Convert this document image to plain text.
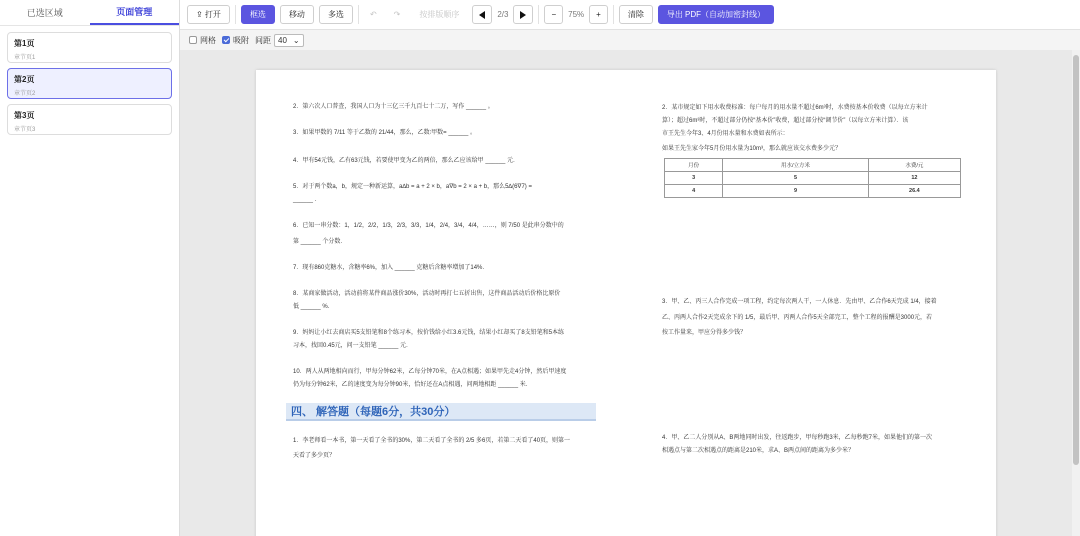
已选区域	页面管理
第1页
章节页1
第2页
章节页2
第3页
章节页3
⇪ 打开	框选	移动	多选	↶	↷	按排版顺序	2/3	−	75%	+	清除	导出 PDF（自动加密封线）
网格 吸附 间距 40 ⌄
2．第六次人口普查，我国人口为十三亿三千九百七十二万，写作 ______ 。
3．如果甲数的 7/11 等于乙数的 21/44，那么，乙数∶甲数= ______ 。
4．甲有54元钱，乙有63元钱，若要使甲变为乙的两倍，那么乙应该给甲 ______ 元．
5．对于两个数a，b，规定一种新运算，a∆b = a + 2 × b，a∇b = 2 × a + b，那么5∆(6∇7) =
______ ．
6．已知一串分数：1，1/2，2/2，1/3，2/3，3/3，1/4，2/4，3/4，4/4，……，则 7/50 是此串分数中的
第 ______ 个分数．
7．现有860克糖水，含糖率6%，加入 ______ 克糖后含糖率增加了14%．
8．某商家做活动，活动前将某件商品涨价30%，活动时再打七五折出售，这件商品活动后价格比原价
低 ______ %．
9．妈妈让小红去商店买5支铅笔和8个练习本，按价钱给小红3.6元钱，结果小红却买了8支铅笔和5本练
习本，找回0.45元，问一支铅笔 ______ 元．
10．两人从两地相向而行，甲每分钟62米，乙每分钟70米，在A点相遇；如果甲先走4分钟，然后甲速度
仍为每分钟62米，乙的速度变为每分钟90米，恰好还在A点相遇，问两地相距 ______ 米．
四、 解答题（每题6分，共30分）
1．李老师看一本书，第一天看了全书的30%，第二天看了全书的 2/5 多6页，若第二天看了40页，则第一
天看了多少页？
2．某市规定如下用水收费标准：每户每月的用水量不超过6m³时，水费按基本价收费（以每立方米计
算）；超过6m³时，不超过部分仍按“基本价”收费，超过部分按“调节价”（以每立方米计算）．该
市王先生今年3、4月份用水量和水费如表所示：
如果王先生家今年5月份用水量为10m³，那么就应该交水费多少元？
月份	用水/立方米	水费/元
3	5	12
4	9	26.4
3．甲、乙、丙三人合作完成一项工程，约定每次两人干，一人休息．先由甲、乙合作6天完成 1/4，接着
乙、丙两人合作2天完成余下的 1/5，最后甲、丙两人合作5天全部完工，整个工程的报酬是3000元，若
按工作量来，甲应分得多少钱？
4．甲、乙二人分别从A、B两地同时出发，往返跑步，甲每秒跑3米，乙每秒跑7米，如果他们的第一次
相遇点与第二次相遇点的距离是210米，求A、B两点间的距离为多少米？
